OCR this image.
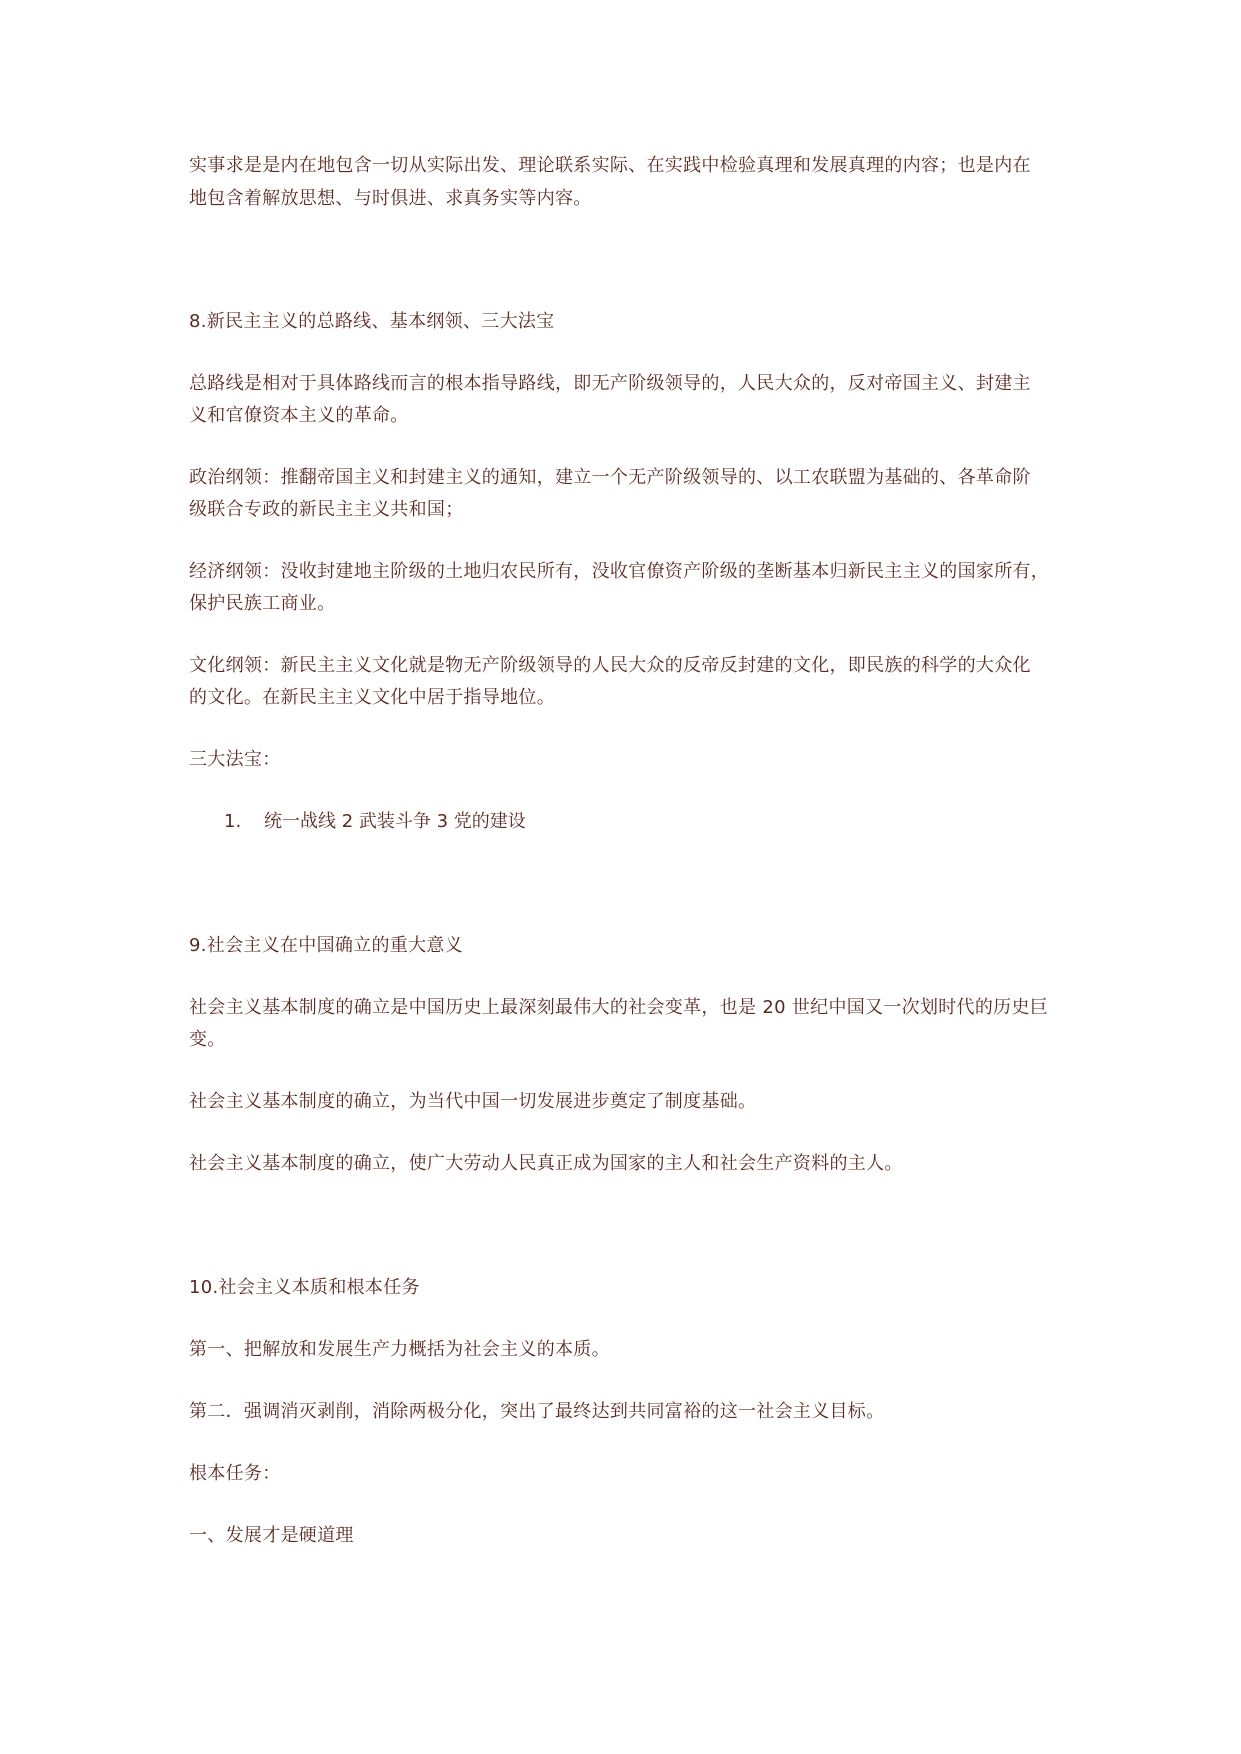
实事求是是内在地包含一切从实际出发、理论联系实际、在实践中检验真理和发展真理的内容；也是内在
地包含着解放思想、与时俱进、求真务实等内容。
8.新民主主义的总路线、基本纲领、三大法宝
总路线是相对于具体路线而言的根本指导路线，即无产阶级领导的，人民大众的，反对帝国主义、封建主
义和官僚资本主义的革命。
政治纲领：推翻帝国主义和封建主义的通知，建立一个无产阶级领导的、以工农联盟为基础的、各革命阶
级联合专政的新民主主义共和国；
经济纲领：没收封建地主阶级的土地归农民所有，没收官僚资产阶级的垄断基本归新民主主义的国家所有，
保护民族工商业。
文化纲领：新民主主义文化就是物无产阶级领导的人民大众的反帝反封建的文化，即民族的科学的大众化
的文化。在新民主主义文化中居于指导地位。
三大法宝：
1. 统一战线 2 武装斗争 3 党的建设
9.社会主义在中国确立的重大意义
社会主义基本制度的确立是中国历史上最深刻最伟大的社会变革，也是 20 世纪中国又一次划时代的历史巨
变。
社会主义基本制度的确立，为当代中国一切发展进步奠定了制度基础。
社会主义基本制度的确立，使广大劳动人民真正成为国家的主人和社会生产资料的主人。
10.社会主义本质和根本任务
第一、把解放和发展生产力概括为社会主义的本质。
第二．强调消灭剥削，消除两极分化，突出了最终达到共同富裕的这一社会主义目标。
根本任务：
一、发展才是硬道理
